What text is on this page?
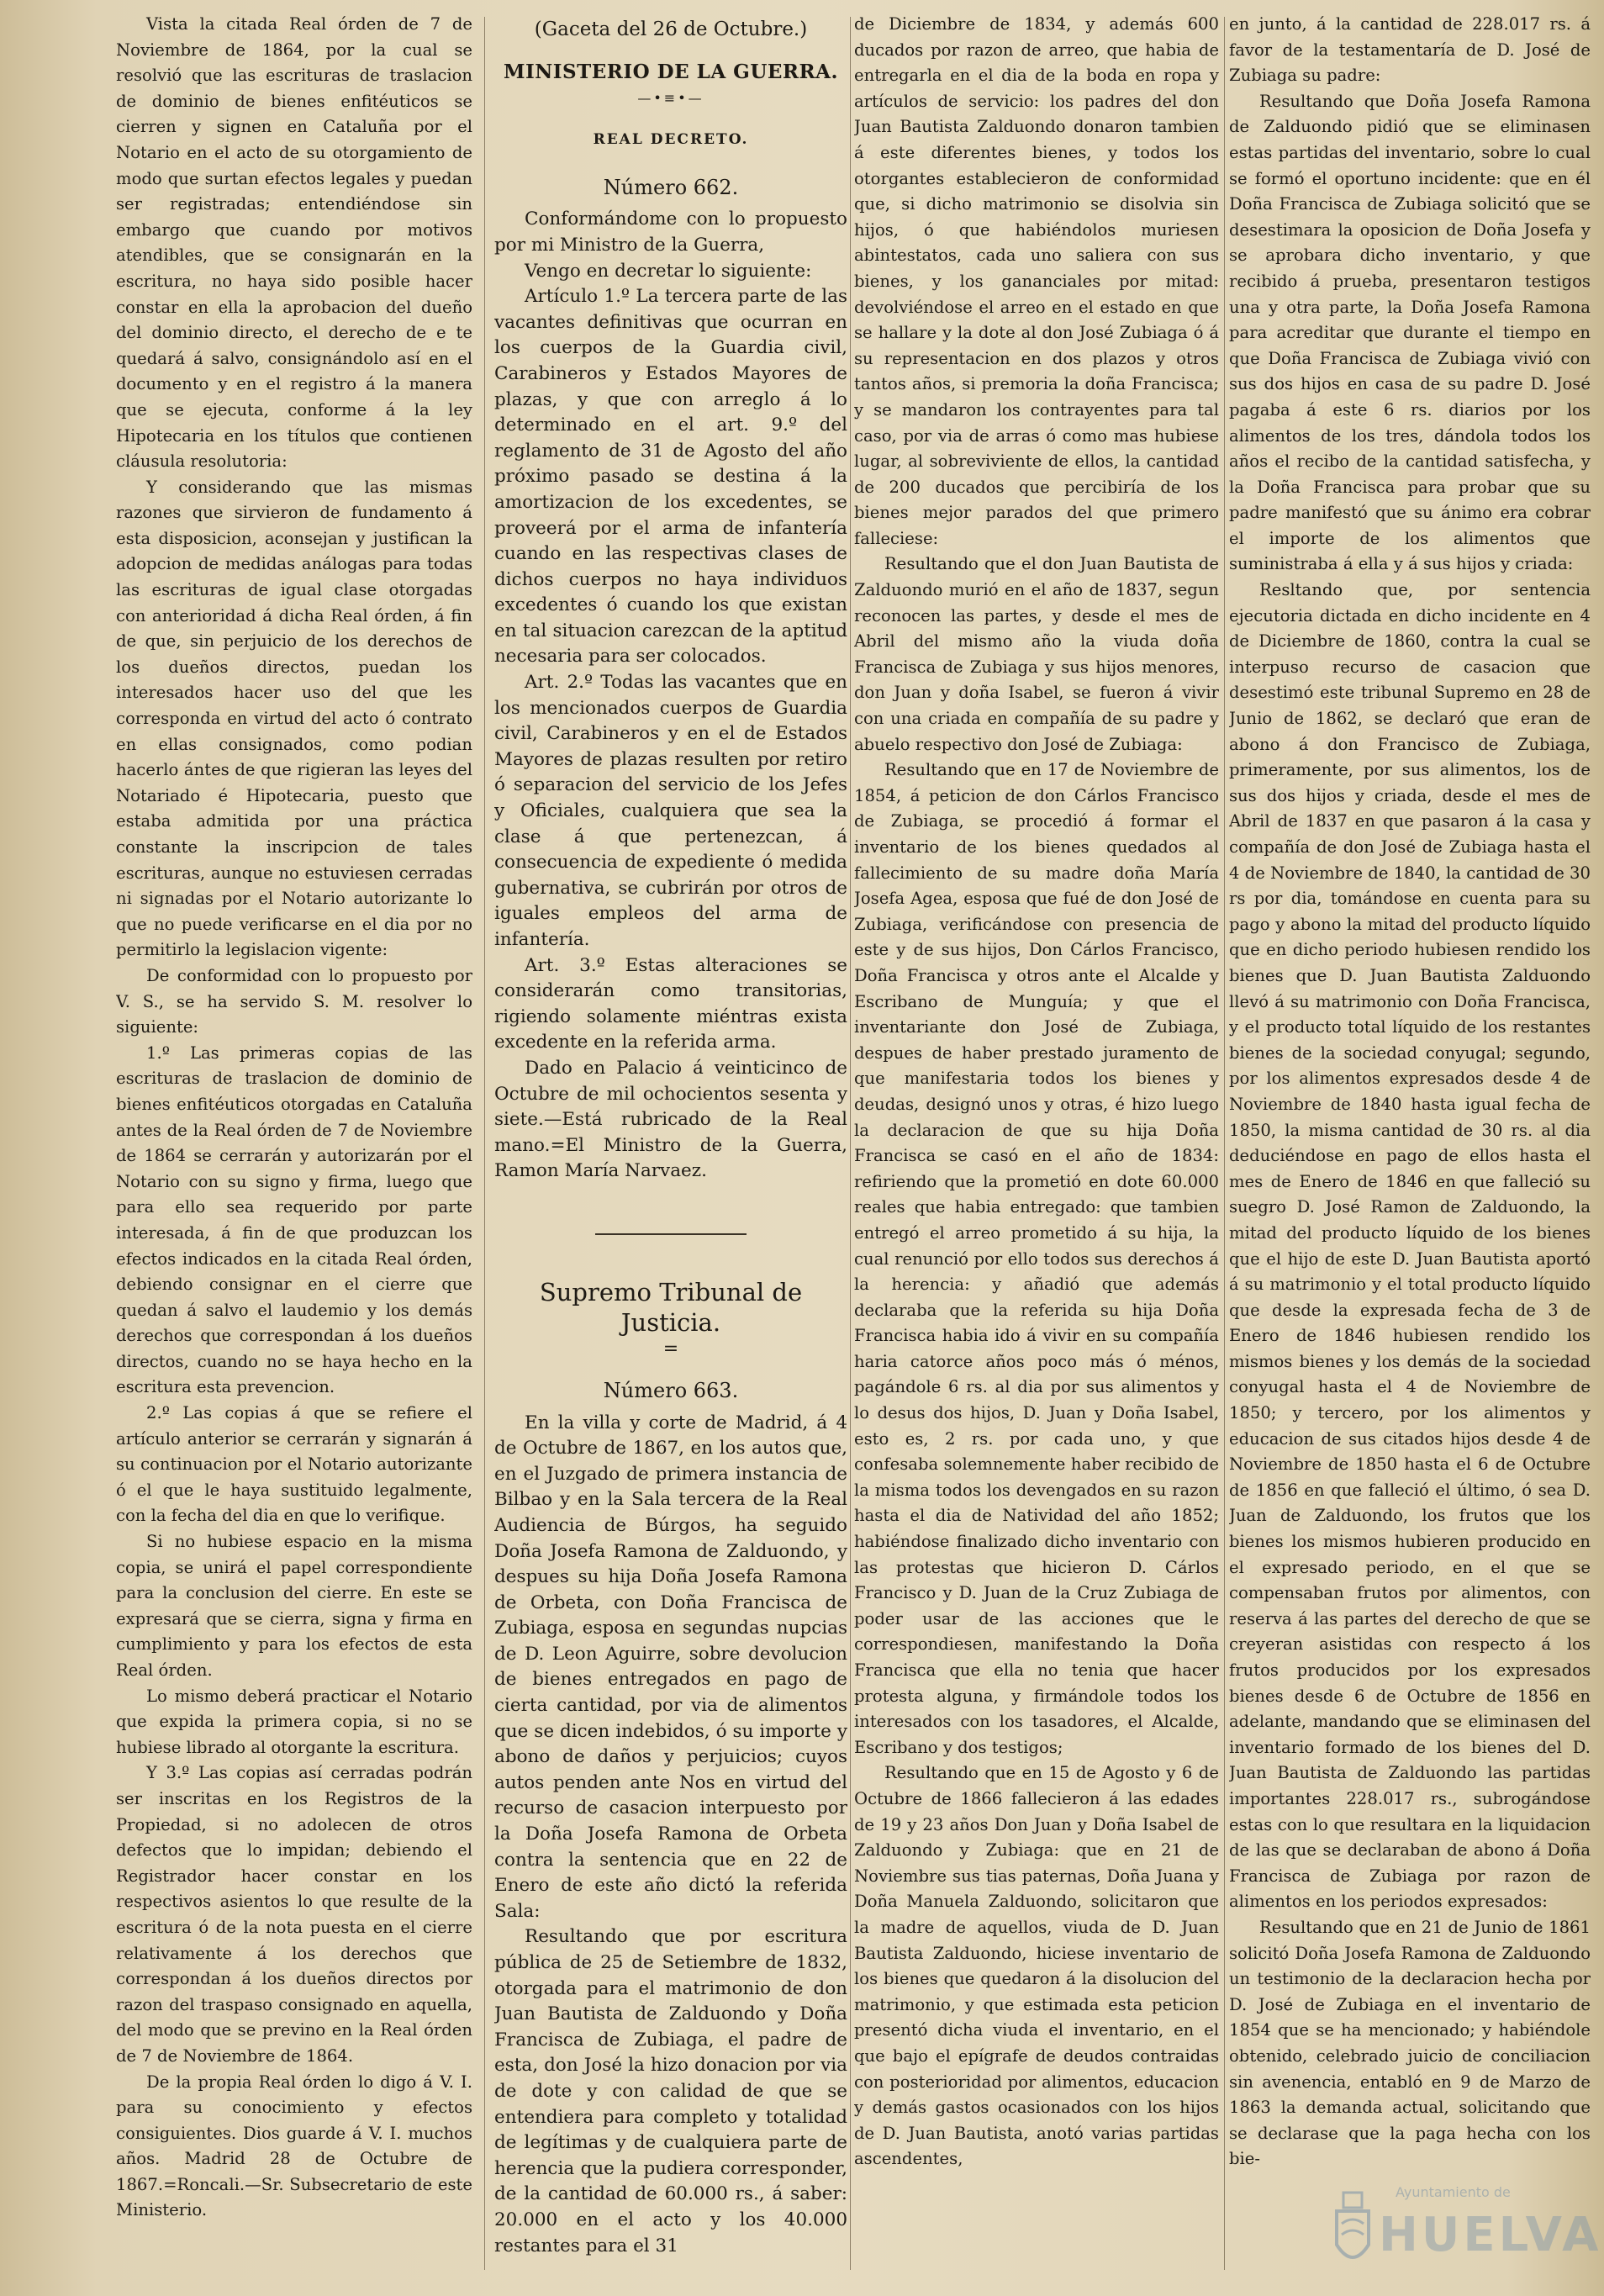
Vista la citada Real órden de 7 de Noviembre de 1864, por la cual se resolvió que las escrituras de traslacion de dominio de bienes enfitéuticos se cierren y signen en Cataluña por el Notario en el acto de su otorgamiento de modo que surtan efectos legales y puedan ser registradas; entendiéndose sin embargo que cuando por motivos atendibles, que se consignarán en la escritura, no haya sido posible hacer constar en ella la aprobacion del dueño del dominio directo, el derecho de e te quedará á salvo, consignándolo así en el documento y en el registro á la manera que se ejecuta, conforme á la ley Hipotecaria en los títulos que contienen cláusula resolutoria:

Y considerando que las mismas razones que sirvieron de fundamento á esta disposicion, aconsejan y justifican la adopcion de medidas análogas para todas las escrituras de igual clase otorgadas con anterioridad á dicha Real órden, á fin de que, sin perjuicio de los derechos de los dueños directos, puedan los interesados hacer uso del que les corresponda en virtud del acto ó contrato en ellas consignados, como podian hacerlo ántes de que rigieran las leyes del Notariado é Hipotecaria, puesto que estaba admitida por una práctica constante la inscripcion de tales escrituras, aunque no estuviesen cerradas ni signadas por el Notario autorizante lo que no puede verificarse en el dia por no permitirlo la legislacion vigente:

De conformidad con lo propuesto por V. S., se ha servido S. M. resolver lo siguiente:

1.º Las primeras copias de las escrituras de traslacion de dominio de bienes enfitéuticos otorgadas en Cataluña antes de la Real órden de 7 de Noviembre de 1864 se cerrarán y autorizarán por el Notario con su signo y firma, luego que para ello sea requerido por parte interesada, á fin de que produzcan los efectos indicados en la citada Real órden, debiendo consignar en el cierre que quedan á salvo el laudemio y los demás derechos que correspondan á los dueños directos, cuando no se haya hecho en la escritura esta prevencion.

2.º Las copias á que se refiere el artículo anterior se cerrarán y signarán á su continuacion por el Notario autorizante ó el que le haya sustituido legalmente, con la fecha del dia en que lo verifique.

Si no hubiese espacio en la misma copia, se unirá el papel correspondiente para la conclusion del cierre. En este se expresará que se cierra, signa y firma en cumplimiento y para los efectos de esta Real órden.

Lo mismo deberá practicar el Notario que expida la primera copia, si no se hubiese librado al otorgante la escritura.

Y 3.º Las copias así cerradas podrán ser inscritas en los Registros de la Propiedad, si no adolecen de otros defectos que lo impidan; debiendo el Registrador hacer constar en los respectivos asientos lo que resulte de la escritura ó de la nota puesta en el cierre relativamente á los derechos que correspondan á los dueños directos por razon del traspaso consignado en aquella, del modo que se previno en la Real órden de 7 de Noviembre de 1864.

De la propia Real órden lo digo á V. I. para su conocimiento y efectos consiguientes. Dios guarde á V. I. muchos años. Madrid 28 de Octubre de 1867.=Roncali.—Sr. Subsecretario de este Ministerio.

(Gaceta del 26 de Octubre.)

MINISTERIO DE LA GUERRA.

—•≡•—

REAL DECRETO.

Número 662.

Conformándome con lo propuesto por mi Ministro de la Guerra,

Vengo en decretar lo siguiente:

Artículo 1.º La tercera parte de las vacantes definitivas que ocurran en los cuerpos de la Guardia civil, Carabineros y Estados Mayores de plazas, y que con arreglo á lo determinado en el art. 9.º del reglamento de 31 de Agosto del año próximo pasado se destina á la amortizacion de los excedentes, se proveerá por el arma de infantería cuando en las respectivas clases de dichos cuerpos no haya individuos excedentes ó cuando los que existan en tal situacion carezcan de la aptitud necesaria para ser colocados.

Art. 2.º Todas las vacantes que en los mencionados cuerpos de Guardia civil, Carabineros y en el de Estados Mayores de plazas resulten por retiro ó separacion del servicio de los Jefes y Oficiales, cualquiera que sea la clase á que pertenezcan, á consecuencia de expediente ó medida gubernativa, se cubrirán por otros de iguales empleos del arma de infantería.

Art. 3.º Estas alteraciones se considerarán como transitorias, rigiendo solamente miéntras exista excedente en la referida arma.

Dado en Palacio á veinticinco de Octubre de mil ochocientos sesenta y siete.—Está rubricado de la Real mano.=El Ministro de la Guerra, Ramon María Narvaez.

Supremo Tribunal de Justicia.

=

Número 663.

En la villa y corte de Madrid, á 4 de Octubre de 1867, en los autos que, en el Juzgado de primera instancia de Bilbao y en la Sala tercera de la Real Audiencia de Búrgos, ha seguido Doña Josefa Ramona de Zalduondo, y despues su hija Doña Josefa Ramona de Orbeta, con Doña Francisca de Zubiaga, esposa en segundas nupcias de D. Leon Aguirre, sobre devolucion de bienes entregados en pago de cierta cantidad, por via de alimentos que se dicen indebidos, ó su importe y abono de daños y perjuicios; cuyos autos penden ante Nos en virtud del recurso de casacion interpuesto por la Doña Josefa Ramona de Orbeta contra la sentencia que en 22 de Enero de este año dictó la referida Sala:

Resultando que por escritura pública de 25 de Setiembre de 1832, otorgada para el matrimonio de don Juan Bautista de Zalduondo y Doña Francisca de Zubiaga, el padre de esta, don José la hizo donacion por via de dote y con calidad de que se entendiera para completo y totalidad de legítimas y de cualquiera parte de herencia que la pudiera corresponder, de la cantidad de 60.000 rs., á saber: 20.000 en el acto y los 40.000 restantes para el 31

de Diciembre de 1834, y además 600 ducados por razon de arreo, que habia de entregarla en el dia de la boda en ropa y artículos de servicio: los padres del don Juan Bautista Zalduondo donaron tambien á este diferentes bienes, y todos los otorgantes establecieron de conformidad que, si dicho matrimonio se disolvia sin hijos, ó que habiéndolos muriesen abintestatos, cada uno saliera con sus bienes, y los gananciales por mitad: devolviéndose el arreo en el estado en que se hallare y la dote al don José Zubiaga ó á su representacion en dos plazos y otros tantos años, si premoria la doña Francisca; y se mandaron los contrayentes para tal caso, por via de arras ó como mas hubiese lugar, al sobreviviente de ellos, la cantidad de 200 ducados que percibiría de los bienes mejor parados del que primero falleciese:

Resultando que el don Juan Bautista de Zalduondo murió en el año de 1837, segun reconocen las partes, y desde el mes de Abril del mismo año la viuda doña Francisca de Zubiaga y sus hijos menores, don Juan y doña Isabel, se fueron á vivir con una criada en compañía de su padre y abuelo respectivo don José de Zubiaga:

Resultando que en 17 de Noviembre de 1854, á peticion de don Cárlos Francisco de Zubiaga, se procedió á formar el inventario de los bienes quedados al fallecimiento de su madre doña María Josefa Agea, esposa que fué de don José de Zubiaga, verificándose con presencia de este y de sus hijos, Don Cárlos Francisco, Doña Francisca y otros ante el Alcalde y Escribano de Munguía; y que el inventariante don José de Zubiaga, despues de haber prestado juramento de que manifestaria todos los bienes y deudas, designó unos y otras, é hizo luego la declaracion de que su hija Doña Francisca se casó en el año de 1834: refiriendo que la prometió en dote 60.000 reales que habia entregado: que tambien entregó el arreo prometido á su hija, la cual renunció por ello todos sus derechos á la herencia: y añadió que además declaraba que la referida su hija Doña Francisca habia ido á vivir en su compañía haria catorce años poco más ó ménos, pagándole 6 rs. al dia por sus alimentos y lo desus dos hijos, D. Juan y Doña Isabel, esto es, 2 rs. por cada uno, y que confesaba solemnemente haber recibido de la misma todos los devengados en su razon hasta el dia de Natividad del año 1852; habiéndose finalizado dicho inventario con las protestas que hicieron D. Cárlos Francisco y D. Juan de la Cruz Zubiaga de poder usar de las acciones que le correspondiesen, manifestando la Doña Francisca que ella no tenia que hacer protesta alguna, y firmándole todos los interesados con los tasadores, el Alcalde, Escribano y dos testigos;

Resultando que en 15 de Agosto y 6 de Octubre de 1866 fallecieron á las edades de 19 y 23 años Don Juan y Doña Isabel de Zalduondo y Zubiaga: que en 21 de Noviembre sus tias paternas, Doña Juana y Doña Manuela Zalduondo, solicitaron que la madre de aquellos, viuda de D. Juan Bautista Zalduondo, hiciese inventario de los bienes que quedaron á la disolucion del matrimonio, y que estimada esta peticion presentó dicha viuda el inventario, en el que bajo el epígrafe de deudos contraidas con posterioridad por alimentos, educacion y demás gastos ocasionados con los hijos de D. Juan Bautista, anotó varias partidas ascendentes,

en junto, á la cantidad de 228.017 rs. á favor de la testamentaría de D. José de Zubiaga su padre:

Resultando que Doña Josefa Ramona de Zalduondo pidió que se eliminasen estas partidas del inventario, sobre lo cual se formó el oportuno incidente: que en él Doña Francisca de Zubiaga solicitó que se desestimara la oposicion de Doña Josefa y se aprobara dicho inventario, y que recibido á prueba, presentaron testigos una y otra parte, la Doña Josefa Ramona para acreditar que durante el tiempo en que Doña Francisca de Zubiaga vivió con sus dos hijos en casa de su padre D. José pagaba á este 6 rs. diarios por los alimentos de los tres, dándola todos los años el recibo de la cantidad satisfecha, y la Doña Francisca para probar que su padre manifestó que su ánimo era cobrar el importe de los alimentos que suministraba á ella y á sus hijos y criada:

Resltando que, por sentencia ejecutoria dictada en dicho incidente en 4 de Diciembre de 1860, contra la cual se interpuso recurso de casacion que desestimó este tribunal Supremo en 28 de Junio de 1862, se declaró que eran de abono á don Francisco de Zubiaga, primeramente, por sus alimentos, los de sus dos hijos y criada, desde el mes de Abril de 1837 en que pasaron á la casa y compañía de don José de Zubiaga hasta el 4 de Noviembre de 1840, la cantidad de 30 rs por dia, tomándose en cuenta para su pago y abono la mitad del producto líquido que en dicho periodo hubiesen rendido los bienes que D. Juan Bautista Zalduondo llevó á su matrimonio con Doña Francisca, y el producto total líquido de los restantes bienes de la sociedad conyugal; segundo, por los alimentos expresados desde 4 de Noviembre de 1840 hasta igual fecha de 1850, la misma cantidad de 30 rs. al dia deduciéndose en pago de ellos hasta el mes de Enero de 1846 en que falleció su suegro D. José Ramon de Zalduondo, la mitad del producto líquido de los bienes que el hijo de este D. Juan Bautista aportó á su matrimonio y el total producto líquido que desde la expresada fecha de 3 de Enero de 1846 hubiesen rendido los mismos bienes y los demás de la sociedad conyugal hasta el 4 de Noviembre de 1850; y tercero, por los alimentos y educacion de sus citados hijos desde 4 de Noviembre de 1850 hasta el 6 de Octubre de 1856 en que falleció el último, ó sea D. Juan de Zalduondo, los frutos que los bienes los mismos hubieren producido en el expresado periodo, en el que se compensaban frutos por alimentos, con reserva á las partes del derecho de que se creyeran asistidas con respecto á los frutos producidos por los expresados bienes desde 6 de Octubre de 1856 en adelante, mandando que se eliminasen del inventario formado de los bienes del D. Juan Bautista de Zalduondo las partidas importantes 228.017 rs., subrogándose estas con lo que resultara en la liquidacion de las que se declaraban de abono á Doña Francisca de Zubiaga por razon de alimentos en los periodos expresados:

Resultando que en 21 de Junio de 1861 solicitó Doña Josefa Ramona de Zalduondo un testimonio de la declaracion hecha por D. José de Zubiaga en el inventario de 1854 que se ha mencionado; y habiéndole obtenido, celebrado juicio de conciliacion sin avenencia, entabló en 9 de Marzo de 1863 la demanda actual, solicitando que se declarase que la paga hecha con los bie-

Ayuntamiento de
HUELVA
